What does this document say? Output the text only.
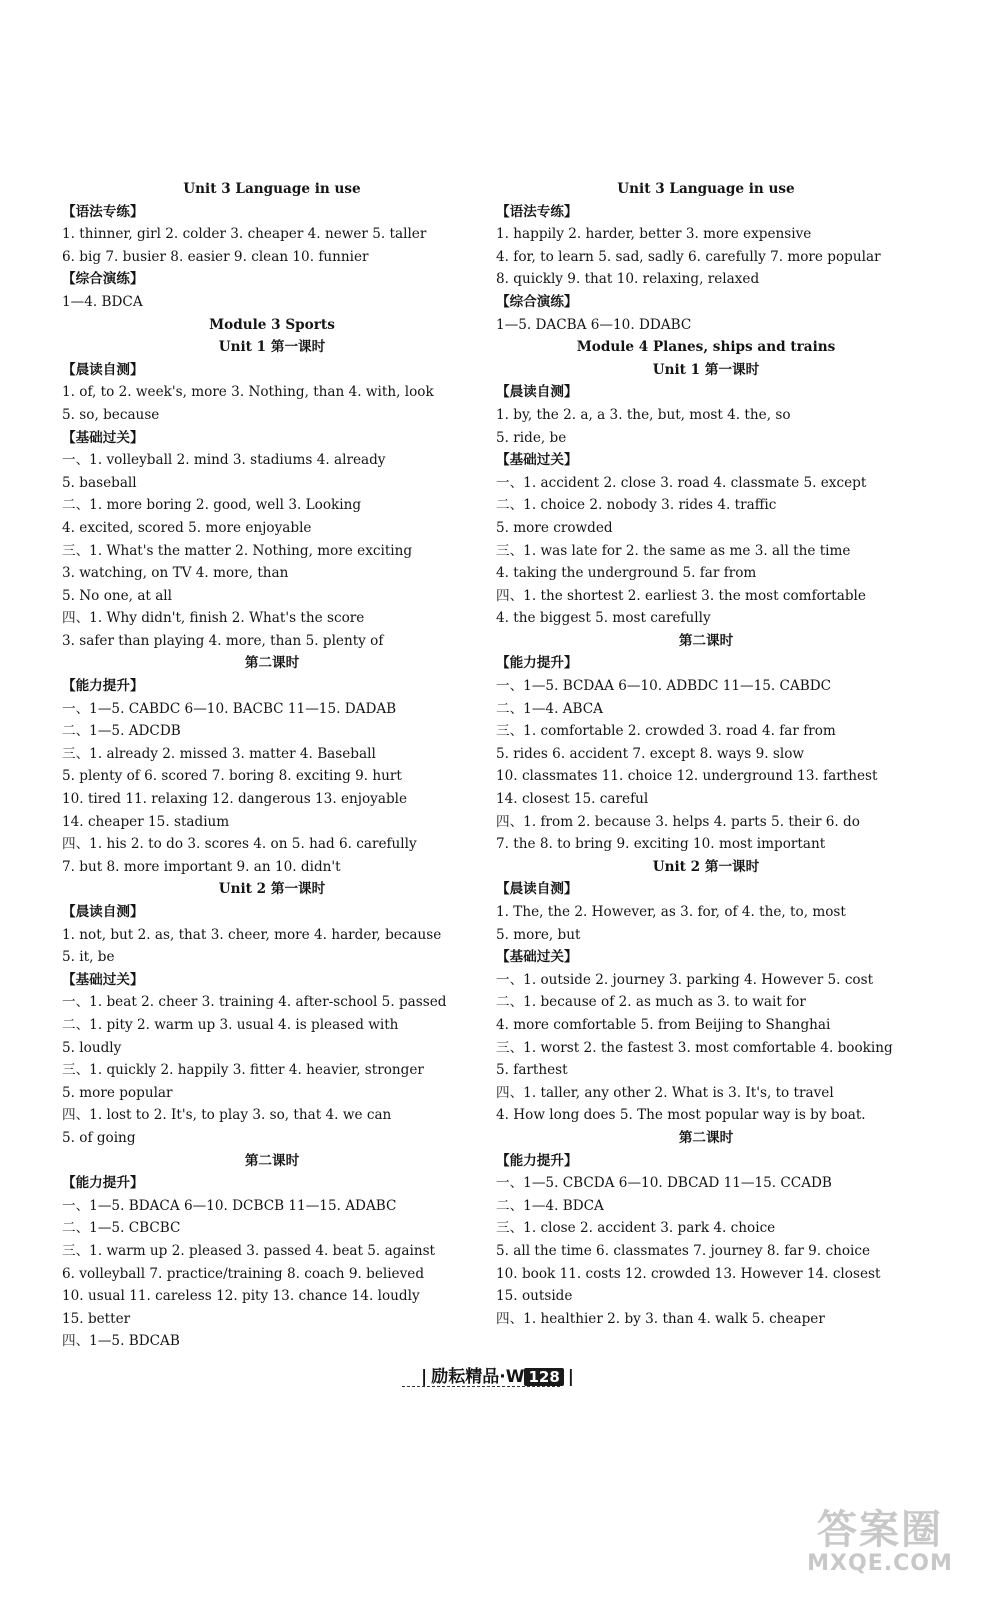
Unit 3 Language in use
【语法专练】
1. thinner, girl 2. colder 3. cheaper 4. newer 5. taller
6. big 7. busier 8. easier 9. clean 10. funnier
【综合演练】
1—4. BDCA
Module 3 Sports
Unit 1 第一课时
【晨读自测】
1. of, to 2. week's, more 3. Nothing, than 4. with, look
5. so, because
【基础过关】
一、1. volleyball 2. mind 3. stadiums 4. already
5. baseball
二、1. more boring 2. good, well 3. Looking
4. excited, scored 5. more enjoyable
三、1. What's the matter 2. Nothing, more exciting
3. watching, on TV 4. more, than
5. No one, at all
四、1. Why didn't, finish 2. What's the score
3. safer than playing 4. more, than 5. plenty of
第二课时
【能力提升】
一、1—5. CABDC 6—10. BACBC 11—15. DADAB
二、1—5. ADCDB
三、1. already 2. missed 3. matter 4. Baseball
5. plenty of 6. scored 7. boring 8. exciting 9. hurt
10. tired 11. relaxing 12. dangerous 13. enjoyable
14. cheaper 15. stadium
四、1. his 2. to do 3. scores 4. on 5. had 6. carefully
7. but 8. more important 9. an 10. didn't
Unit 2 第一课时
【晨读自测】
1. not, but 2. as, that 3. cheer, more 4. harder, because
5. it, be
【基础过关】
一、1. beat 2. cheer 3. training 4. after-school 5. passed
二、1. pity 2. warm up 3. usual 4. is pleased with
5. loudly
三、1. quickly 2. happily 3. fitter 4. heavier, stronger
5. more popular
四、1. lost to 2. It's, to play 3. so, that 4. we can
5. of going
第二课时
【能力提升】
一、1—5. BDACA 6—10. DCBCB 11—15. ADABC
二、1—5. CBCBC
三、1. warm up 2. pleased 3. passed 4. beat 5. against
6. volleyball 7. practice/training 8. coach 9. believed
10. usual 11. careless 12. pity 13. chance 14. loudly
15. better
四、1—5. BDCAB
Unit 3 Language in use
【语法专练】
1. happily 2. harder, better 3. more expensive
4. for, to learn 5. sad, sadly 6. carefully 7. more popular
8. quickly 9. that 10. relaxing, relaxed
【综合演练】
1—5. DACBA 6—10. DDABC
Module 4 Planes, ships and trains
Unit 1 第一课时
【晨读自测】
1. by, the 2. a, a 3. the, but, most 4. the, so
5. ride, be
【基础过关】
一、1. accident 2. close 3. road 4. classmate 5. except
二、1. choice 2. nobody 3. rides 4. traffic
5. more crowded
三、1. was late for 2. the same as me 3. all the time
4. taking the underground 5. far from
四、1. the shortest 2. earliest 3. the most comfortable
4. the biggest 5. most carefully
第二课时
【能力提升】
一、1—5. BCDAA 6—10. ADBDC 11—15. CABDC
二、1—4. ABCA
三、1. comfortable 2. crowded 3. road 4. far from
5. rides 6. accident 7. except 8. ways 9. slow
10. classmates 11. choice 12. underground 13. farthest
14. closest 15. careful
四、1. from 2. because 3. helps 4. parts 5. their 6. do
7. the 8. to bring 9. exciting 10. most important
Unit 2 第一课时
【晨读自测】
1. The, the 2. However, as 3. for, of 4. the, to, most
5. more, but
【基础过关】
一、1. outside 2. journey 3. parking 4. However 5. cost
二、1. because of 2. as much as 3. to wait for
4. more comfortable 5. from Beijing to Shanghai
三、1. worst 2. the fastest 3. most comfortable 4. booking
5. farthest
四、1. taller, any other 2. What is 3. It's, to travel
4. How long does 5. The most popular way is by boat.
第二课时
【能力提升】
一、1—5. CBCDA 6—10. DBCAD 11—15. CCADB
二、1—4. BDCA
三、1. close 2. accident 3. park 4. choice
5. all the time 6. classmates 7. journey 8. far 9. choice
10. book 11. costs 12. crowded 13. However 14. closest
15. outside
四、1. healthier 2. by 3. than 4. walk 5. cheaper
| 励耘精品·W 128 |
答案圈
MXQE.COM
